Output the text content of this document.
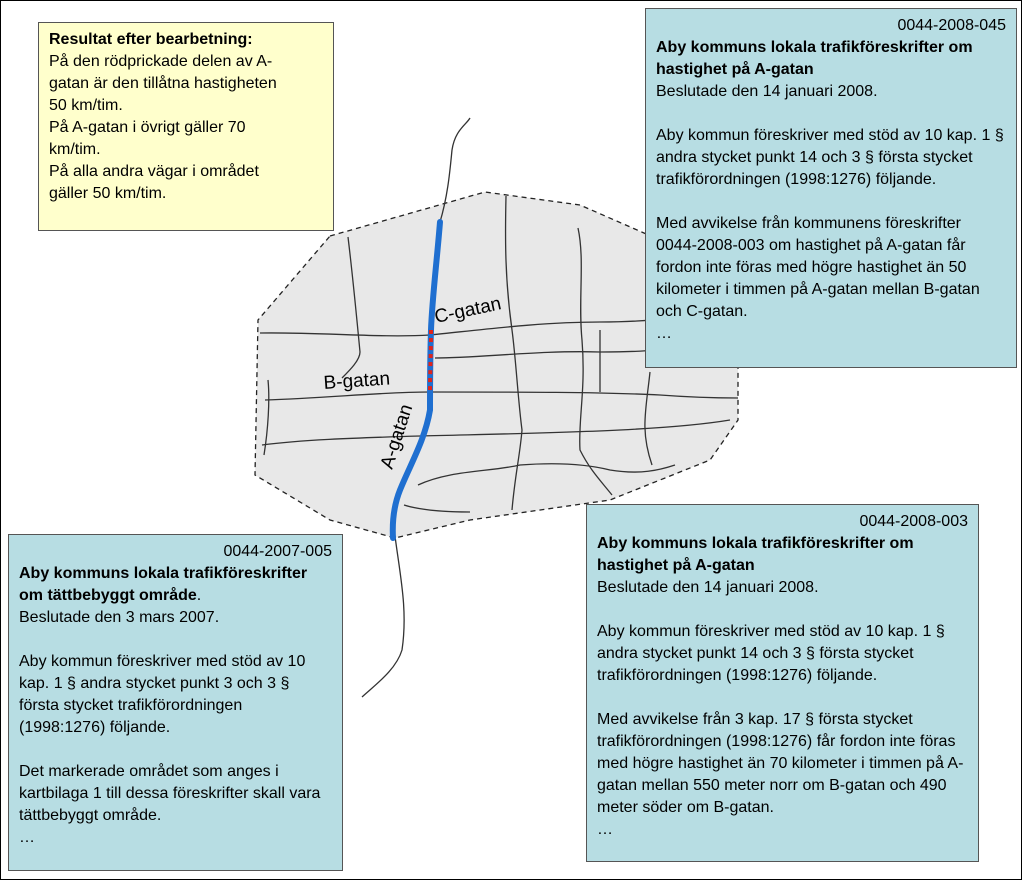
C-gatan
B-gatan
A-gatan

Resultat efter bearbetning:

På den rödprickade delen av A-

gatan är den tillåtna hastigheten

50 km/tim.

På A-gatan i övrigt gäller 70

km/tim.

På alla andra vägar i området

gäller 50 km/tim.

0044-2008-045

Aby kommuns lokala trafikföreskrifter om hastighet på A-gatan

Beslutade den 14 januari 2008.

Aby kommun föreskriver med stöd av 10 kap. 1 § andra stycket punkt 14 och 3 § första stycket trafikförordningen (1998:1276) följande.

Med avvikelse från kommunens föreskrifter 0044-2008-003 om hastighet på A-gatan får fordon inte föras med högre hastighet än 50 kilometer i timmen på A-gatan mellan B-gatan och C-gatan.

…

0044-2007-005

Aby kommuns lokala trafikföreskrifter om tättbebyggt område.

Beslutade den 3 mars 2007.

Aby kommun föreskriver med stöd av 10 kap. 1 § andra stycket punkt 3 och 3 § första stycket trafikförordningen (1998:1276) följande.

Det markerade området som anges i kartbilaga 1 till dessa föreskrifter skall vara tättbebyggt område.

…

0044-2008-003

Aby kommuns lokala trafikföreskrifter om hastighet på A-gatan

Beslutade den 14 januari 2008.

Aby kommun föreskriver med stöd av 10 kap. 1 § andra stycket punkt 14 och 3 § första stycket trafikförordningen (1998:1276) följande.

Med avvikelse från 3 kap. 17 § första stycket trafikförordningen (1998:1276) får fordon inte föras med högre hastighet än 70 kilometer i timmen på A-gatan mellan 550 meter norr om B-gatan och 490 meter söder om B-gatan.

…
